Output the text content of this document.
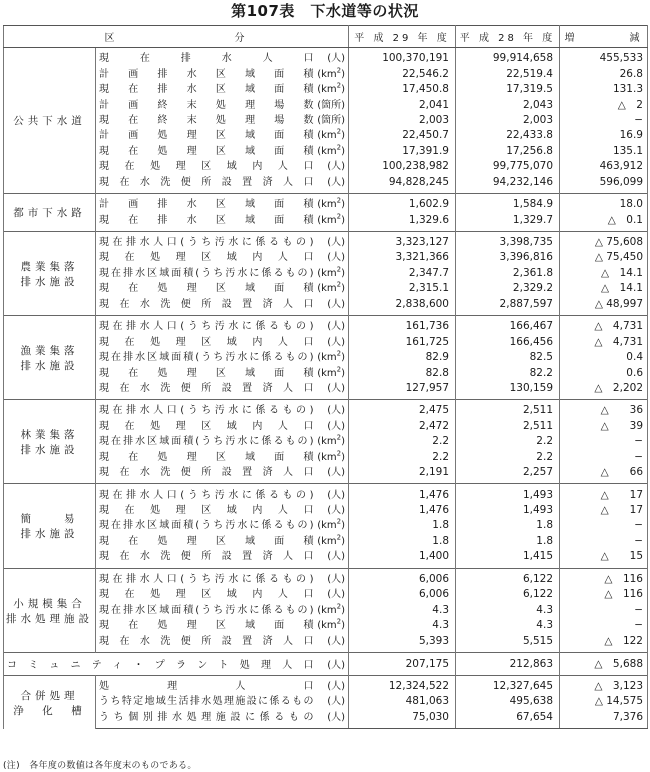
第107表　下水道等の状況
区　　　　　　　　　分			平 成 29 年 度	平 成 28 年 度	増　　　　減
公共下水道	現在排水人口	(人)	100,370,191	99,914,658	455,533
	計画排水区域面積	$(km^2)$	22,546.2	22,519.4	26.8
	現在排水区域面積	$(km^2)$	17,450.8	17,319.5	131.3
	計画終末処理場数	(箇所)	2,041	2,043	△　2
	現在終末処理場数	(箇所)	2,003	2,003	−
	計画処理区域面積	$(km^2)$	22,450.7	22,433.8	16.9
	現在処理区域面積	$(km^2)$	17,391.9	17,256.8	135.1
	現在処理区域内人口	(人)	100,238,982	99,775,070	463,912
	現在水洗便所設置済人口	(人)	94,828,245	94,232,146	596,099
都市下水路	計画排水区域面積	$(km^2)$	1,602.9	1,584.9	18.0
	現在排水区域面積	$(km^2)$	1,329.6	1,329.7	△　0.1
農業集落
排水施設	現在排水人口(うち汚水に係るもの)	(人)	3,323,127	3,398,735	△ 75,608
	現在処理区域内人口	(人)	3,321,366	3,396,816	△ 75,450
	現在排水区域面積(うち汚水に係るもの)	$(km^2)$	2,347.7	2,361.8	△　14.1
	現在処理区域面積	$(km^2)$	2,315.1	2,329.2	△　14.1
	現在水洗便所設置済人口	(人)	2,838,600	2,887,597	△ 48,997
漁業集落
排水施設	現在排水人口(うち汚水に係るもの)	(人)	161,736	166,467	△　4,731
	現在処理区域内人口	(人)	161,725	166,456	△　4,731
	現在排水区域面積(うち汚水に係るもの)	$(km^2)$	82.9	82.5	0.4
	現在処理区域面積	$(km^2)$	82.8	82.2	0.6
	現在水洗便所設置済人口	(人)	127,957	130,159	△　2,202
林業集落
排水施設	現在排水人口(うち汚水に係るもの)	(人)	2,475	2,511	△　　36
	現在処理区域内人口	(人)	2,472	2,511	△　　39
	現在排水区域面積(うち汚水に係るもの)	$(km^2)$	2.2	2.2	−
	現在処理区域面積	$(km^2)$	2.2	2.2	−
	現在水洗便所設置済人口	(人)	2,191	2,257	△　　66
簡　　易
排水施設	現在排水人口(うち汚水に係るもの)	(人)	1,476	1,493	△　　17
	現在処理区域内人口	(人)	1,476	1,493	△　　17
	現在排水区域面積(うち汚水に係るもの)	$(km^2)$	1.8	1.8	−
	現在処理区域面積	$(km^2)$	1.8	1.8	−
	現在水洗便所設置済人口	(人)	1,400	1,415	△　　15
小規模集合
排水処理施設	現在排水人口(うち汚水に係るもの)	(人)	6,006	6,122	△　116
	現在処理区域内人口	(人)	6,006	6,122	△　116
	現在排水区域面積(うち汚水に係るもの)	$(km^2)$	4.3	4.3	−
	現在処理区域面積	$(km^2)$	4.3	4.3	−
	現在水洗便所設置済人口	(人)	5,393	5,515	△　122
コミュニティ・プラント処理人口		(人)	207,175	212,863	△　5,688
合併処理
浄　化　槽	処理人口	(人)	12,324,522	12,327,645	△　3,123
	うち特定地域生活排水処理施設に係るもの	(人)	481,063	495,638	△ 14,575
	うち個別排水処理施設に係るもの	(人)	75,030	67,654	7,376
(注)　各年度の数値は各年度末のものである。
